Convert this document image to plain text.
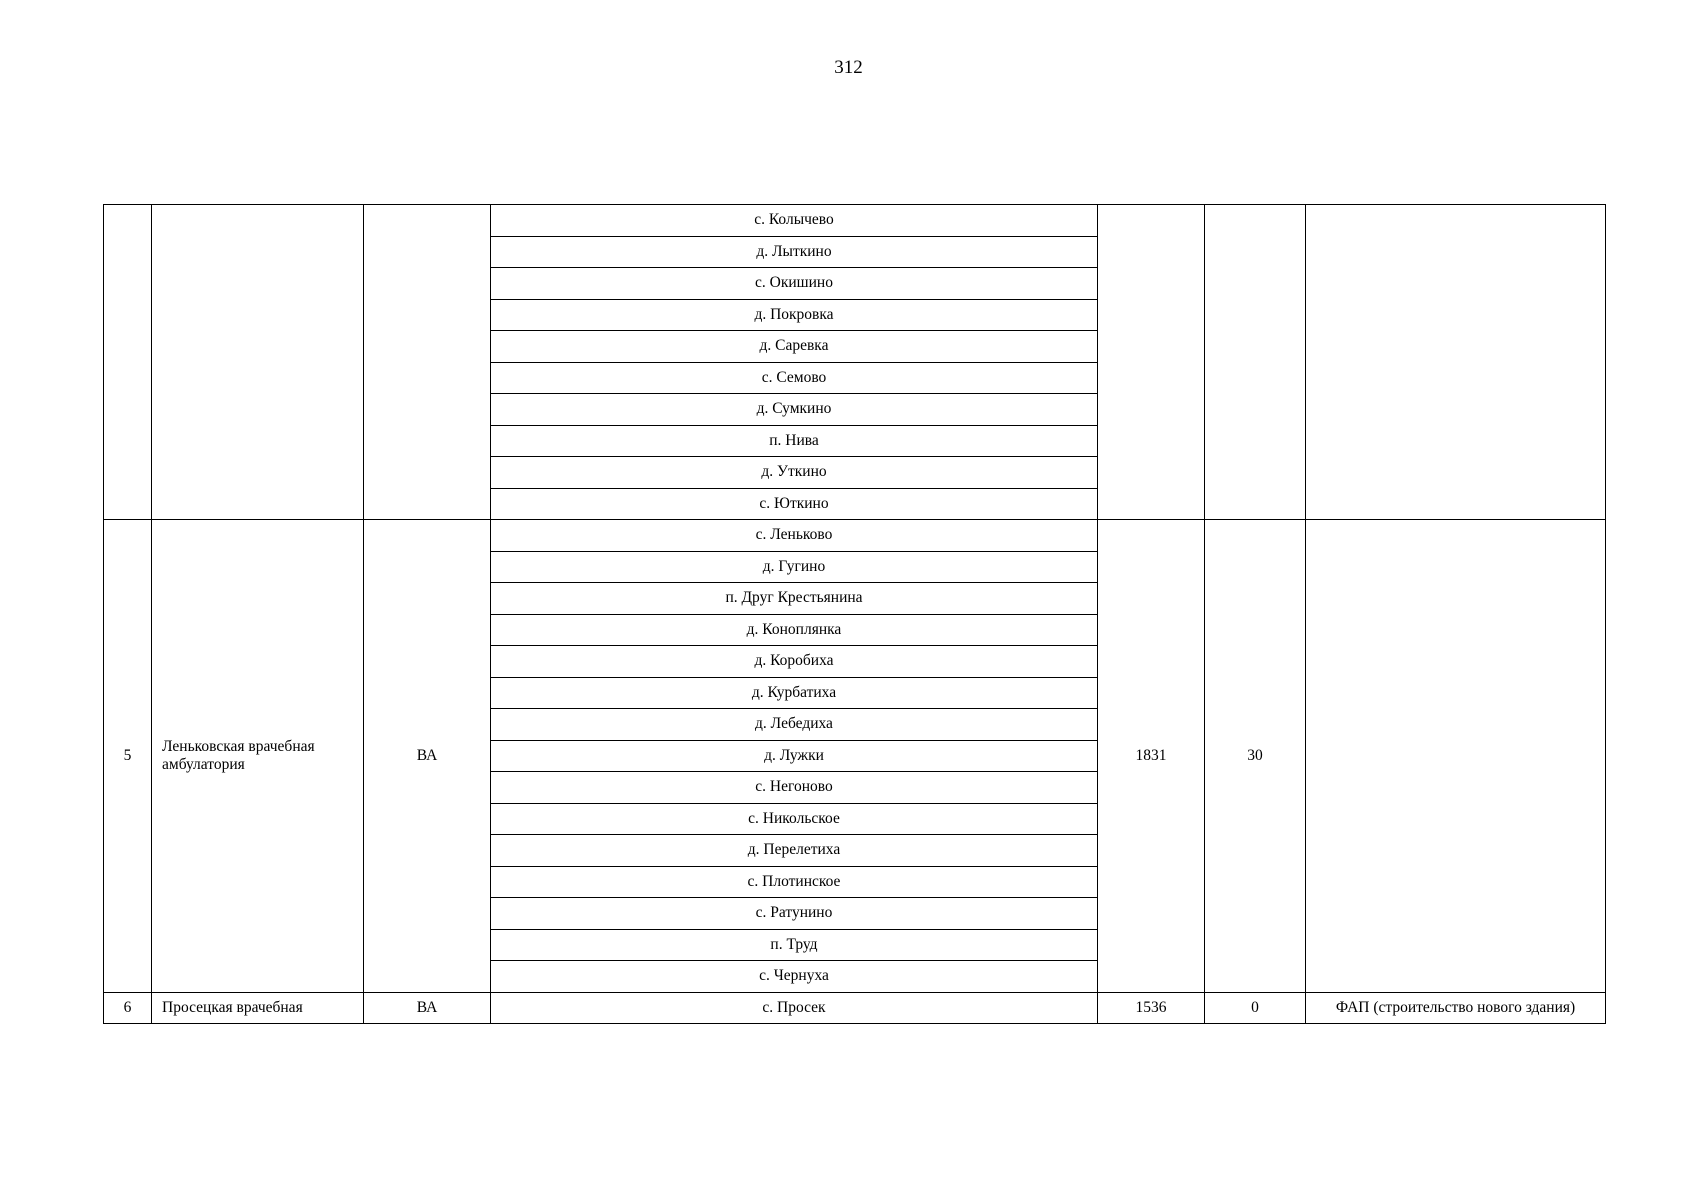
312
			с. Колычево			
			д. Лыткино			
			с. Окишино			
			д. Покровка			
			д. Саревка			
			с. Семово			
			д. Сумкино			
			п. Нива			
			д. Уткино			
			с. Юткино			
5	Леньковская врачебная амбулатория	ВА	с. Леньково	1831	30	
			д. Гугино			
			п. Друг Крестьянина			
			д. Коноплянка			
			д. Коробиха			
			д. Курбатиха			
			д. Лебедиха			
			д. Лужки			
			с. Негоново			
			с. Никольское			
			д. Перелетиха			
			с. Плотинское			
			с. Ратунино			
			п. Труд			
			с. Чернуха			
6	Просецкая врачебная	ВА	с. Просек	1536	0	ФАП (строительство нового здания)
